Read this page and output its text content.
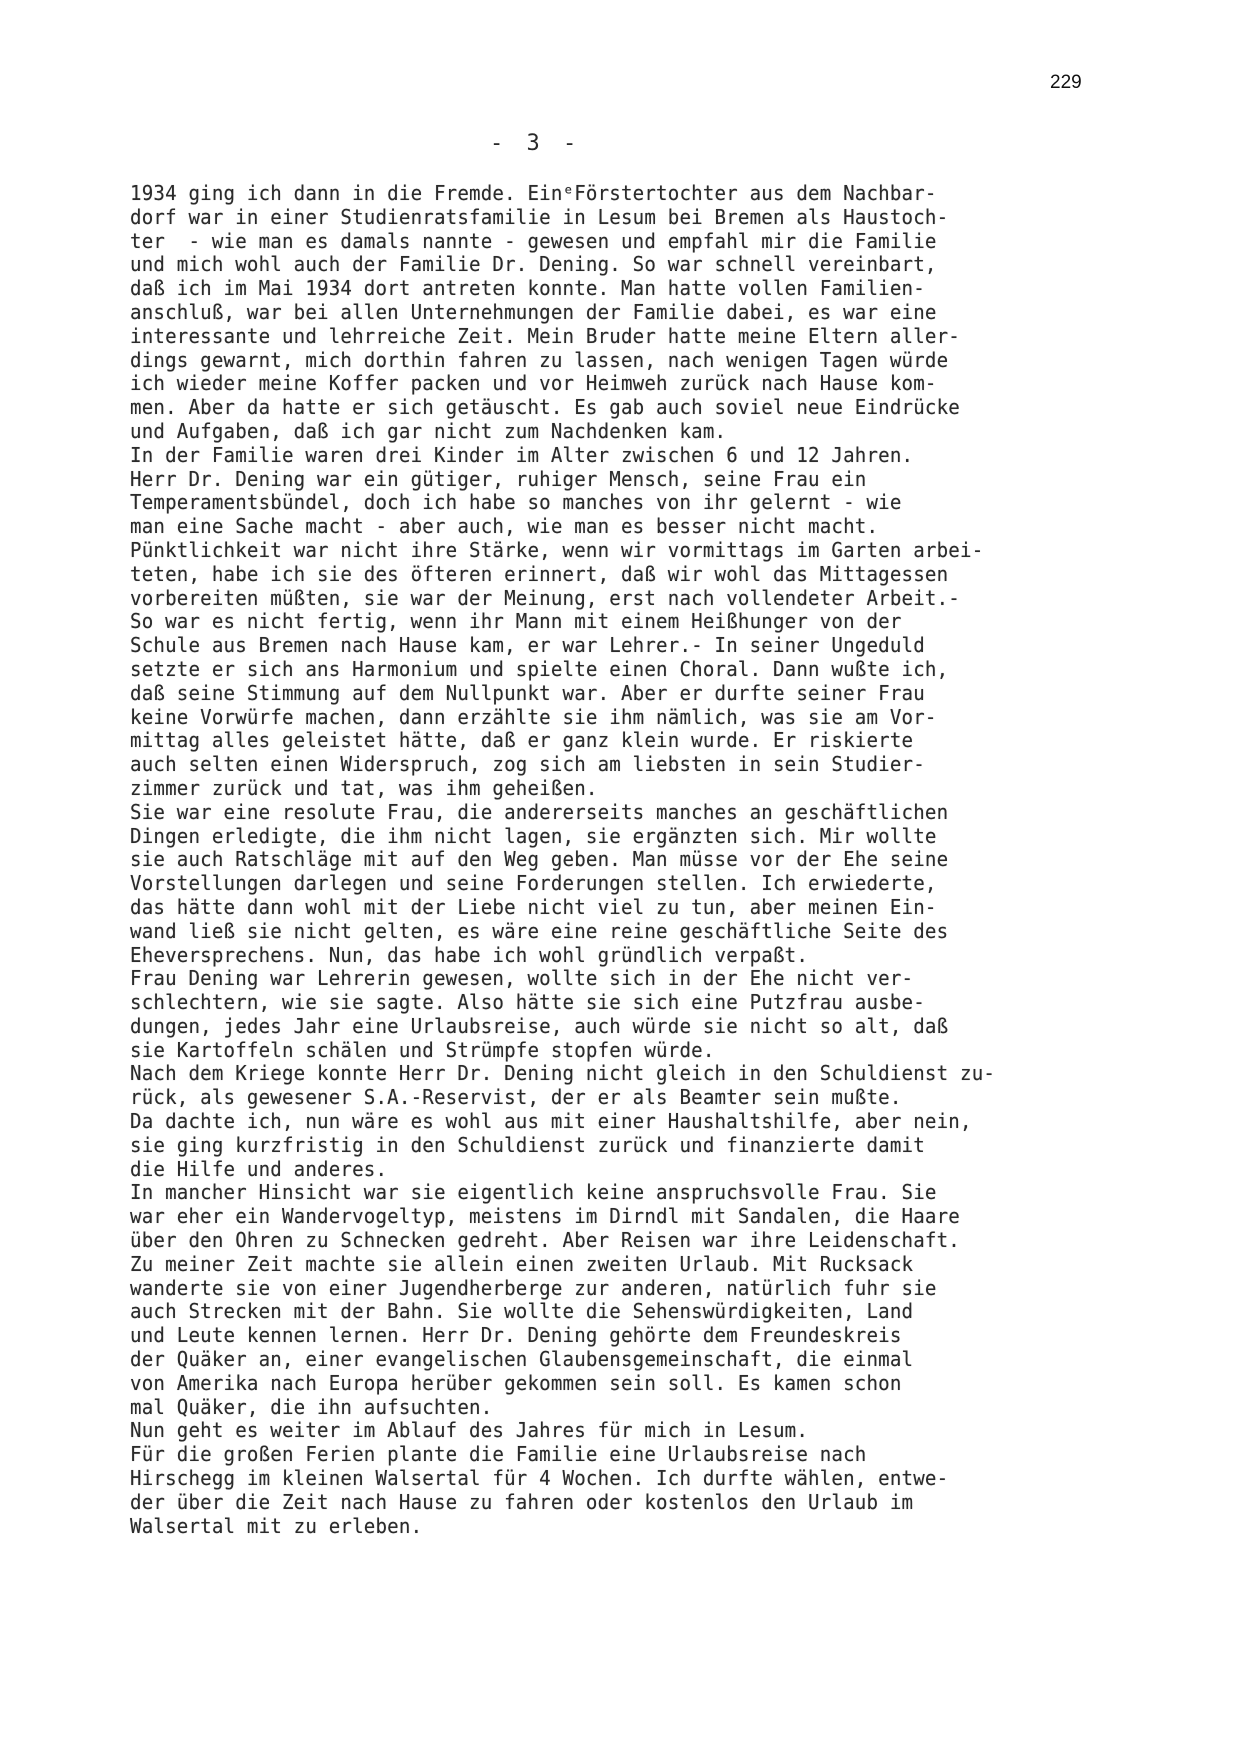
229
- 3 -
1934 ging ich dann in die Fremde. EinᵉFörstertochter aus dem Nachbar-
dorf war in einer Studienratsfamilie in Lesum bei Bremen als Haustoch-
ter  - wie man es damals nannte - gewesen und empfahl mir die Familie
und mich wohl auch der Familie Dr. Dening. So war schnell vereinbart,
daß ich im Mai 1934 dort antreten konnte. Man hatte vollen Familien-
anschluß, war bei allen Unternehmungen der Familie dabei, es war eine
interessante und lehrreiche Zeit. Mein Bruder hatte meine Eltern aller-
dings gewarnt, mich dorthin fahren zu lassen, nach wenigen Tagen würde
ich wieder meine Koffer packen und vor Heimweh zurück nach Hause kom-
men. Aber da hatte er sich getäuscht. Es gab auch soviel neue Eindrücke
und Aufgaben, daß ich gar nicht zum Nachdenken kam.
In der Familie waren drei Kinder im Alter zwischen 6 und 12 Jahren.
Herr Dr. Dening war ein gütiger, ruhiger Mensch, seine Frau ein
Temperamentsbündel, doch ich habe so manches von ihr gelernt - wie
man eine Sache macht - aber auch, wie man es besser nicht macht.
Pünktlichkeit war nicht ihre Stärke, wenn wir vormittags im Garten arbei-
teten, habe ich sie des öfteren erinnert, daß wir wohl das Mittagessen
vorbereiten müßten, sie war der Meinung, erst nach vollendeter Arbeit.-
So war es nicht fertig, wenn ihr Mann mit einem Heißhunger von der
Schule aus Bremen nach Hause kam, er war Lehrer.- In seiner Ungeduld
setzte er sich ans Harmonium und spielte einen Choral. Dann wußte ich,
daß seine Stimmung auf dem Nullpunkt war. Aber er durfte seiner Frau
keine Vorwürfe machen, dann erzählte sie ihm nämlich, was sie am Vor-
mittag alles geleistet hätte, daß er ganz klein wurde. Er riskierte
auch selten einen Widerspruch, zog sich am liebsten in sein Studier-
zimmer zurück und tat, was ihm geheißen.
Sie war eine resolute Frau, die andererseits manches an geschäftlichen
Dingen erledigte, die ihm nicht lagen, sie ergänzten sich. Mir wollte
sie auch Ratschläge mit auf den Weg geben. Man müsse vor der Ehe seine
Vorstellungen darlegen und seine Forderungen stellen. Ich erwiederte,
das hätte dann wohl mit der Liebe nicht viel zu tun, aber meinen Ein-
wand ließ sie nicht gelten, es wäre eine reine geschäftliche Seite des
Eheversprechens. Nun, das habe ich wohl gründlich verpaßt.
Frau Dening war Lehrerin gewesen, wollte sich in der Ehe nicht ver-
schlechtern, wie sie sagte. Also hätte sie sich eine Putzfrau ausbe-
dungen, jedes Jahr eine Urlaubsreise, auch würde sie nicht so alt, daß
sie Kartoffeln schälen und Strümpfe stopfen würde.
Nach dem Kriege konnte Herr Dr. Dening nicht gleich in den Schuldienst zu-
rück, als gewesener S.A.-Reservist, der er als Beamter sein mußte.
Da dachte ich, nun wäre es wohl aus mit einer Haushaltshilfe, aber nein,
sie ging kurzfristig in den Schuldienst zurück und finanzierte damit
die Hilfe und anderes.
In mancher Hinsicht war sie eigentlich keine anspruchsvolle Frau. Sie
war eher ein Wandervogeltyp, meistens im Dirndl mit Sandalen, die Haare
über den Ohren zu Schnecken gedreht. Aber Reisen war ihre Leidenschaft.
Zu meiner Zeit machte sie allein einen zweiten Urlaub. Mit Rucksack
wanderte sie von einer Jugendherberge zur anderen, natürlich fuhr sie
auch Strecken mit der Bahn. Sie wollte die Sehenswürdigkeiten, Land
und Leute kennen lernen. Herr Dr. Dening gehörte dem Freundeskreis
der Quäker an, einer evangelischen Glaubensgemeinschaft, die einmal
von Amerika nach Europa herüber gekommen sein soll. Es kamen schon
mal Quäker, die ihn aufsuchten.
Nun geht es weiter im Ablauf des Jahres für mich in Lesum.
Für die großen Ferien plante die Familie eine Urlaubsreise nach
Hirschegg im kleinen Walsertal für 4 Wochen. Ich durfte wählen, entwe-
der über die Zeit nach Hause zu fahren oder kostenlos den Urlaub im
Walsertal mit zu erleben.
